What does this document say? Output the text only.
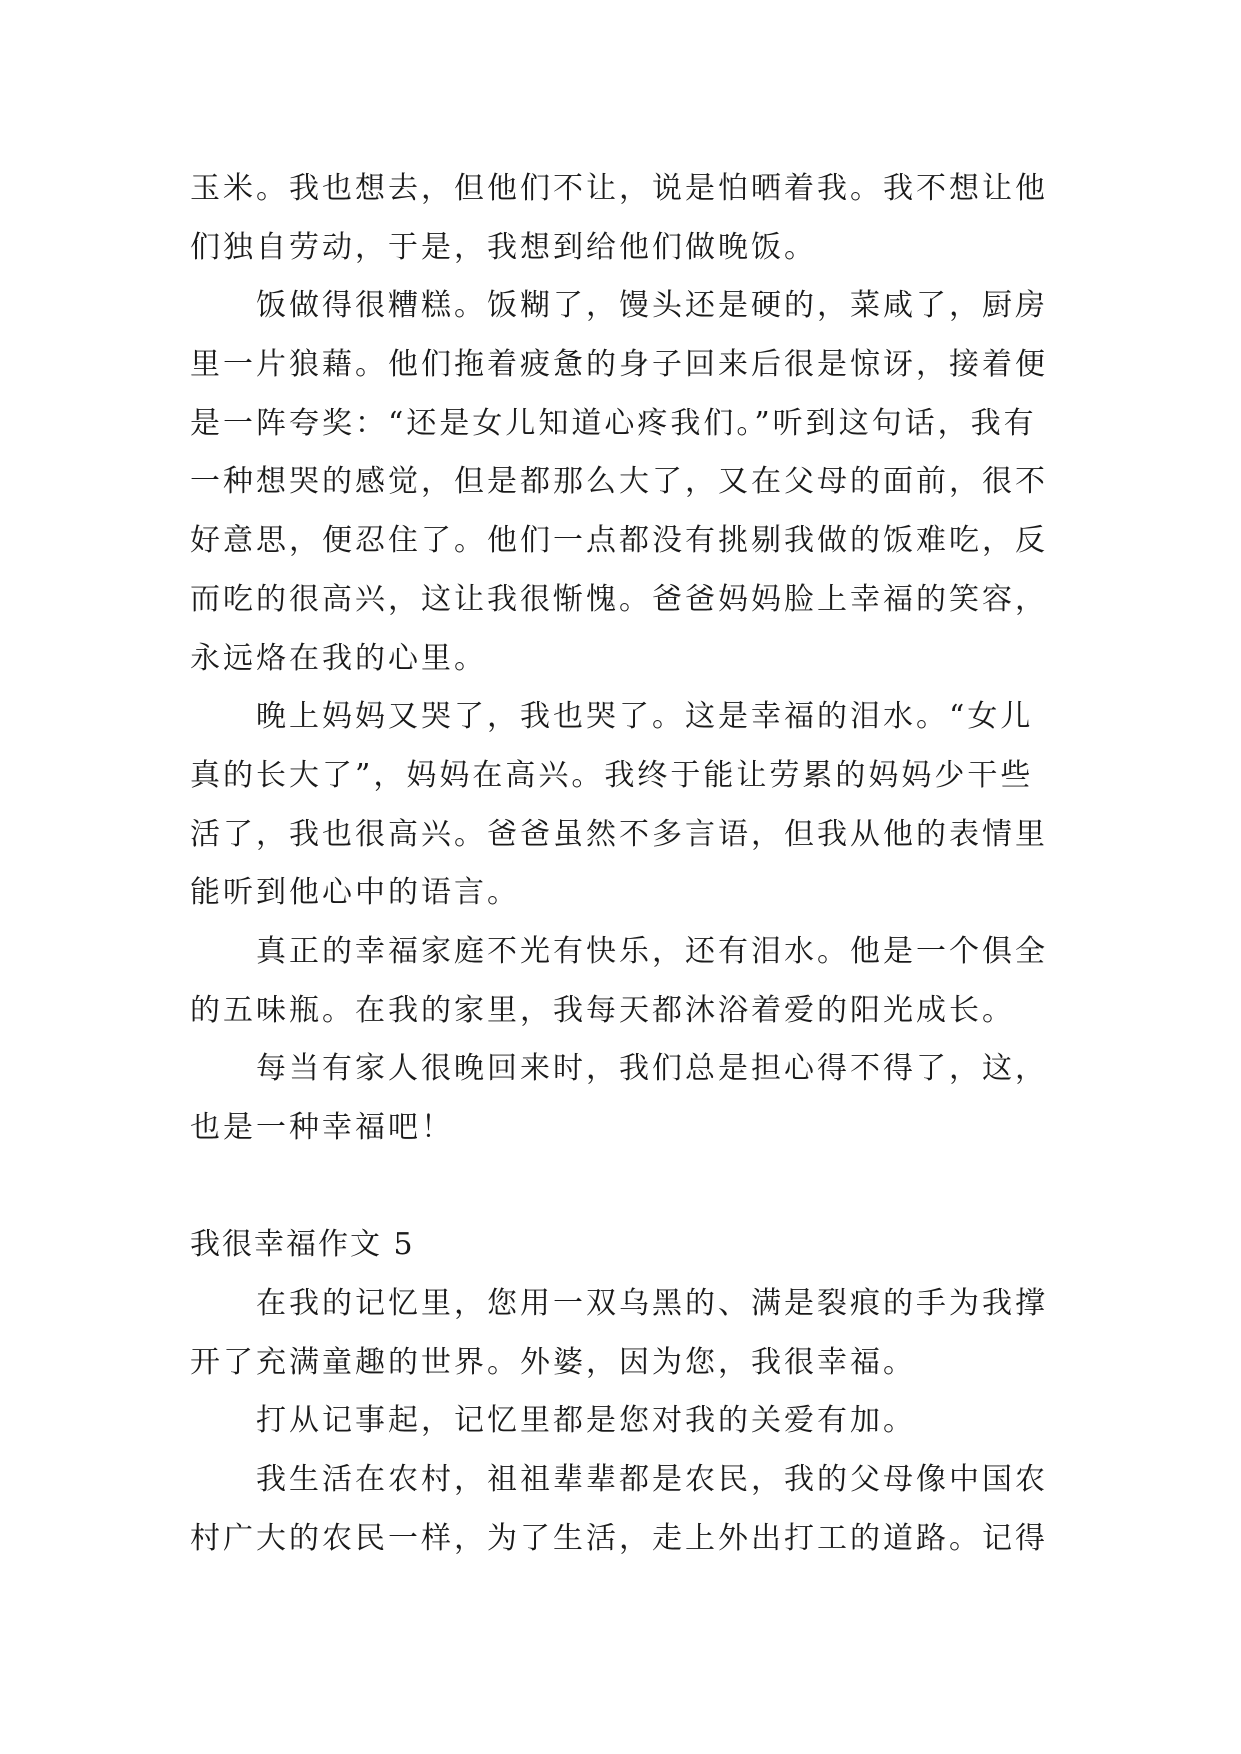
玉米。我也想去，但他们不让，说是怕晒着我。我不想让他
们独自劳动，于是，我想到给他们做晚饭。
饭做得很糟糕。饭糊了，馒头还是硬的，菜咸了，厨房
里一片狼藉。他们拖着疲惫的身子回来后很是惊讶，接着便
是一阵夸奖：“还是女儿知道心疼我们。”听到这句话，我有
一种想哭的感觉，但是都那么大了，又在父母的面前，很不
好意思，便忍住了。他们一点都没有挑剔我做的饭难吃，反
而吃的很高兴，这让我很惭愧。爸爸妈妈脸上幸福的笑容，
永远烙在我的心里。
晚上妈妈又哭了，我也哭了。这是幸福的泪水。“女儿
真的长大了”，妈妈在高兴。我终于能让劳累的妈妈少干些
活了，我也很高兴。爸爸虽然不多言语，但我从他的表情里
能听到他心中的语言。
真正的幸福家庭不光有快乐，还有泪水。他是一个俱全
的五味瓶。在我的家里，我每天都沐浴着爱的阳光成长。
每当有家人很晚回来时，我们总是担心得不得了，这，
也是一种幸福吧！
我很幸福作文 5
在我的记忆里，您用一双乌黑的、满是裂痕的手为我撑
开了充满童趣的世界。外婆，因为您，我很幸福。
打从记事起，记忆里都是您对我的关爱有加。
我生活在农村，祖祖辈辈都是农民，我的父母像中国农
村广大的农民一样，为了生活，走上外出打工的道路。记得
